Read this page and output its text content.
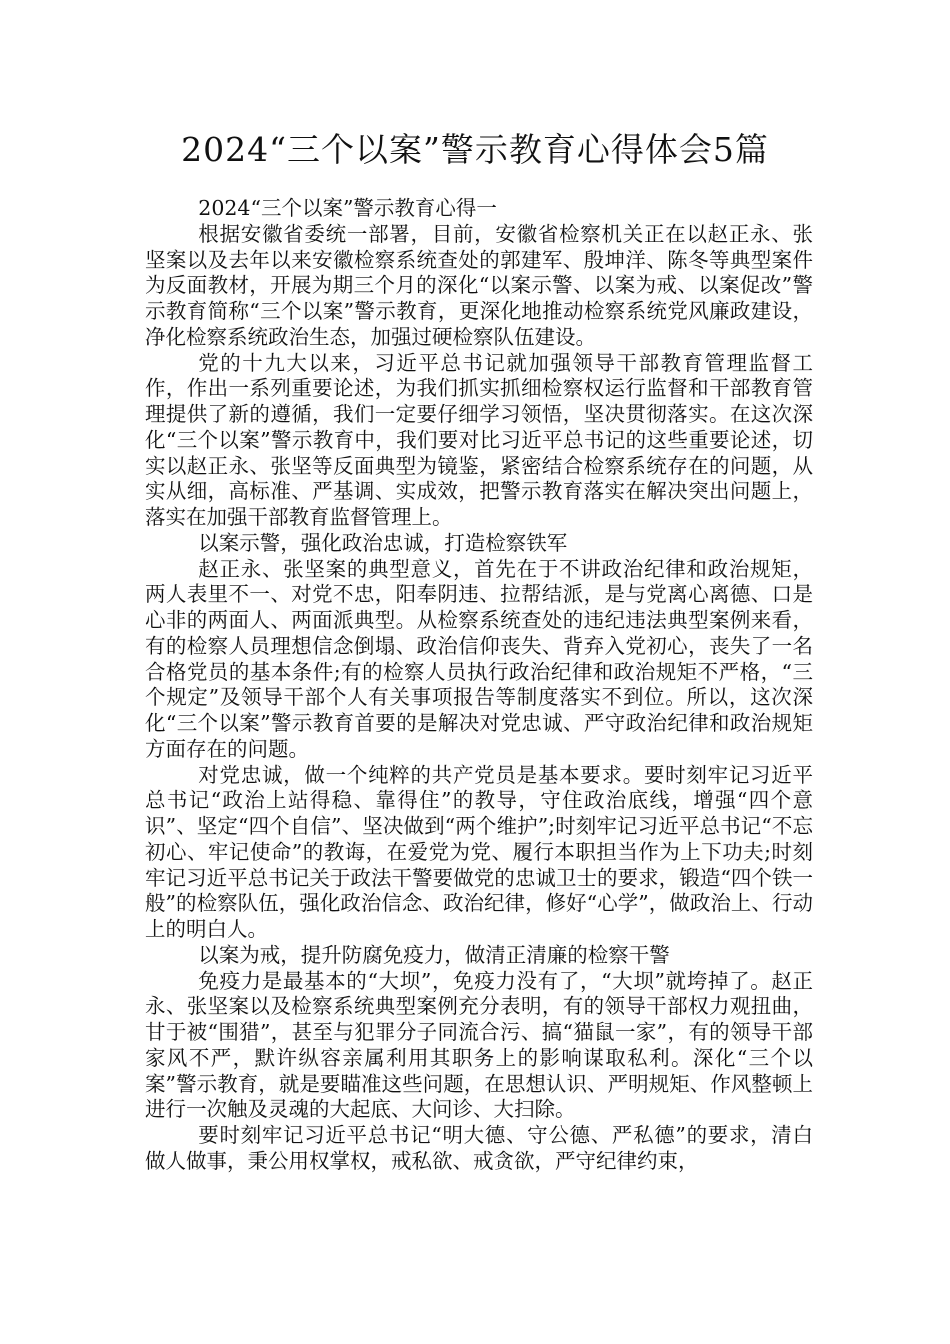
2024“三个以案”警示教育心得体会5篇

2024“三个以案”警示教育心得一

根据安徽省委统一部署，目前，安徽省检察机关正在以赵正永、张坚案以及去年以来安徽检察系统查处的郭建军、殷坤洋、陈冬等典型案件为反面教材，开展为期三个月的深化“以案示警、以案为戒、以案促改”警示教育简称“三个以案”警示教育，更深化地推动检察系统党风廉政建设，净化检察系统政治生态，加强过硬检察队伍建设。

党的十九大以来，习近平总书记就加强领导干部教育管理监督工作，作出一系列重要论述，为我们抓实抓细检察权运行监督和干部教育管理提供了新的遵循，我们一定要仔细学习领悟，坚决贯彻落实。在这次深化“三个以案”警示教育中，我们要对比习近平总书记的这些重要论述，切实以赵正永、张坚等反面典型为镜鉴，紧密结合检察系统存在的问题，从实从细，高标准、严基调、实成效，把警示教育落实在解决突出问题上，落实在加强干部教育监督管理上。

以案示警，强化政治忠诚，打造检察铁军

赵正永、张坚案的典型意义，首先在于不讲政治纪律和政治规矩，两人表里不一、对党不忠，阳奉阴违、拉帮结派，是与党离心离德、口是心非的两面人、两面派典型。从检察系统查处的违纪违法典型案例来看，有的检察人员理想信念倒塌、政治信仰丧失、背弃入党初心，丧失了一名合格党员的基本条件;有的检察人员执行政治纪律和政治规矩不严格，“三个规定”及领导干部个人有关事项报告等制度落实不到位。所以，这次深化“三个以案”警示教育首要的是解决对党忠诚、严守政治纪律和政治规矩方面存在的问题。

对党忠诚，做一个纯粹的共产党员是基本要求。要时刻牢记习近平总书记“政治上站得稳、靠得住”的教导，守住政治底线，增强“四个意识”、坚定“四个自信”、坚决做到“两个维护”;时刻牢记习近平总书记“不忘初心、牢记使命”的教诲，在爱党为党、履行本职担当作为上下功夫;时刻牢记习近平总书记关于政法干警要做党的忠诚卫士的要求，锻造“四个铁一般”的检察队伍，强化政治信念、政治纪律，修好“心学”，做政治上、行动上的明白人。

以案为戒，提升防腐免疫力，做清正清廉的检察干警

免疫力是最基本的“大坝”，免疫力没有了，“大坝”就垮掉了。赵正永、张坚案以及检察系统典型案例充分表明，有的领导干部权力观扭曲，甘于被“围猎”，甚至与犯罪分子同流合污、搞“猫鼠一家”，有的领导干部家风不严，默许纵容亲属利用其职务上的影响谋取私利。深化“三个以案”警示教育，就是要瞄准这些问题，在思想认识、严明规矩、作风整顿上进行一次触及灵魂的大起底、大问诊、大扫除。

要时刻牢记习近平总书记“明大德、守公德、严私德”的要求，清白做人做事，秉公用权掌权，戒私欲、戒贪欲，严守纪律约束，
